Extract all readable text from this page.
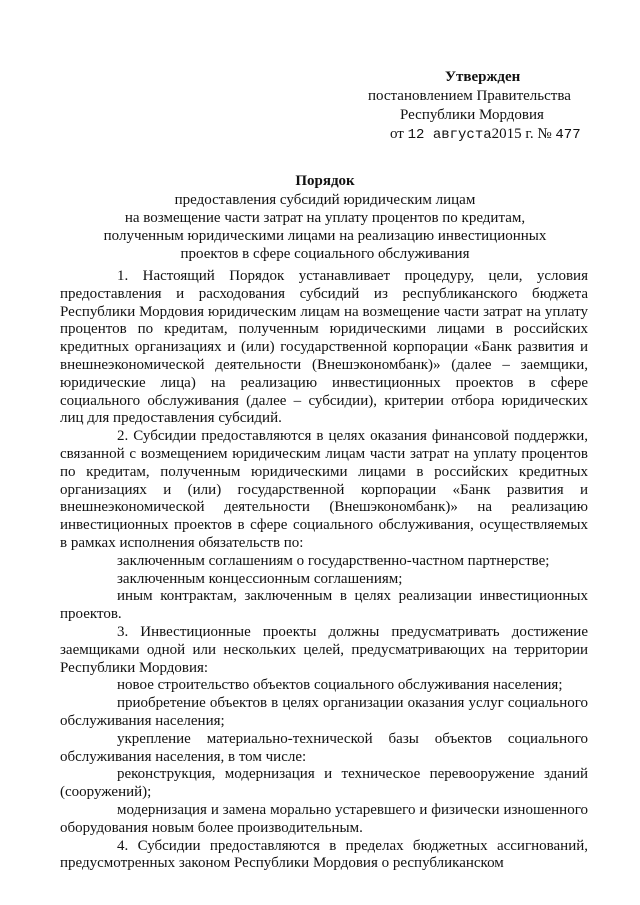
Утвержден
постановлением Правительства
Республики Мордовия
от 12 августа2015 г. № 477
Порядок
предоставления субсидий юридическим лицам
на возмещение части затрат на уплату процентов по кредитам,
полученным юридическими лицами на реализацию инвестиционных
проектов в сфере социального обслуживания

1. Настоящий Порядок устанавливает процедуру, цели, условия предоставления и расходования субсидий из республиканского бюджета Республики Мордовия юридическим лицам на возмещение части затрат на уплату процентов по кредитам, полученным юридическими лицами в российских кредитных организациях и (или) государственной корпорации «Банк развития и внешнеэкономической деятельности (Внешэкономбанк)» (далее – заемщики, юридические лица) на реализацию инвестиционных проектов в сфере социального обслуживания (далее – субсидии), критерии отбора юридических лиц для предоставления субсидий.

2. Субсидии предоставляются в целях оказания финансовой поддержки, связанной с возмещением юридическим лицам части затрат на уплату процентов по кредитам, полученным юридическими лицами в российских кредитных организациях и (или) государственной корпорации «Банк развития и внешнеэкономической деятельности (Внешэкономбанк)» на реализацию инвестиционных проектов в сфере социального обслуживания, осуществляемых в рамках исполнения обязательств по:

заключенным соглашениям о государственно-частном партнерстве;

заключенным концессионным соглашениям;

иным контрактам, заключенным в целях реализации инвестиционных проектов.

3. Инвестиционные проекты должны предусматривать достижение заемщиками одной или нескольких целей, предусматривающих на территории Республики Мордовия:

новое строительство объектов социального обслуживания населения;

приобретение объектов в целях организации оказания услуг социального обслуживания населения;

укрепление материально-технической базы объектов социального обслуживания населения, в том числе:

реконструкция, модернизация и техническое перевооружение зданий (сооружений);

модернизация и замена морально устаревшего и физически изношенного оборудования новым более производительным.

4. Субсидии предоставляются в пределах бюджетных ассигнований, предусмотренных законом Республики Мордовия о республиканском
